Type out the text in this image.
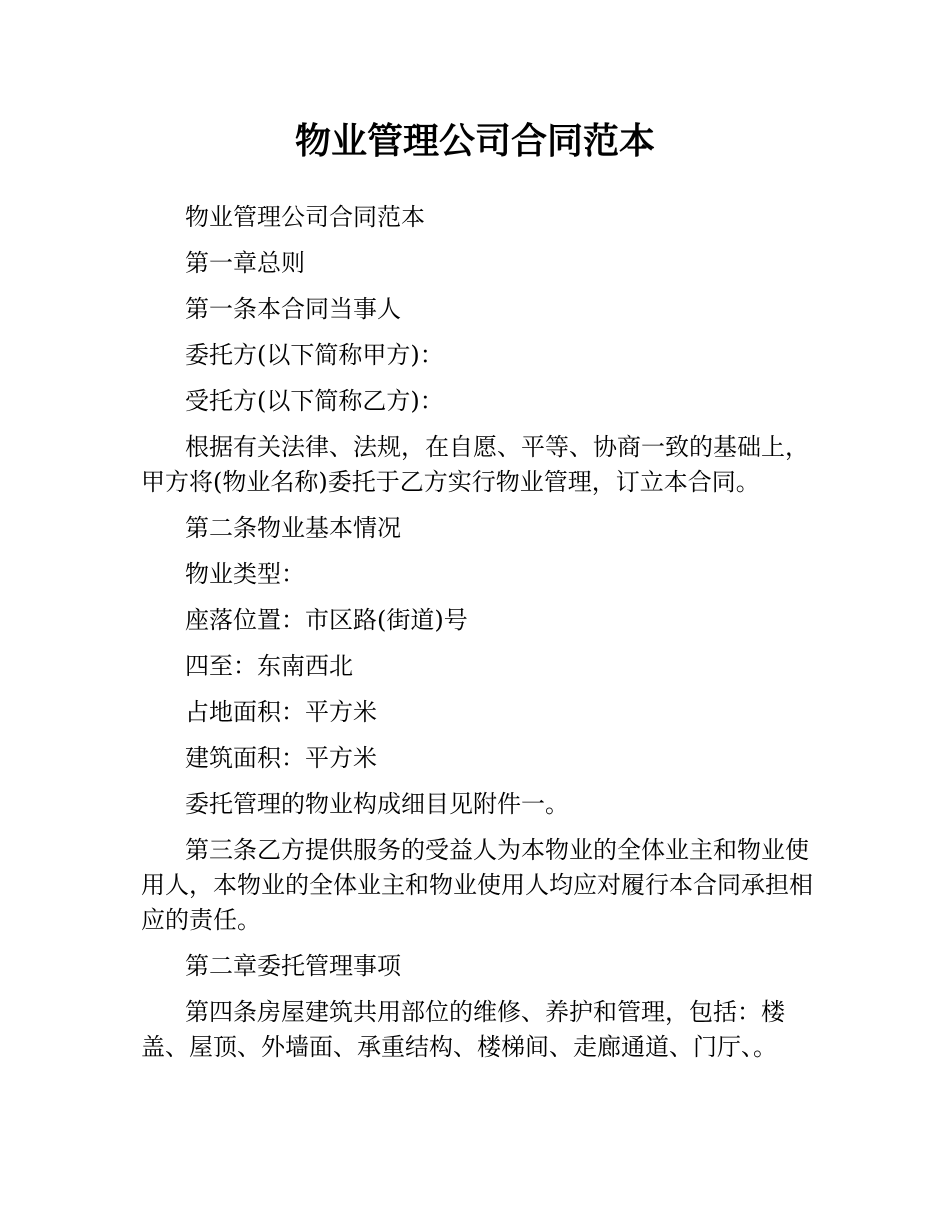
物业管理公司合同范本

物业管理公司合同范本

第一章总则

第一条本合同当事人

委托方(以下简称甲方)：

受托方(以下简称乙方)：

根据有关法律、法规，在自愿、平等、协商一致的基础上，甲方将(物业名称)委托于乙方实行物业管理，订立本合同。

第二条物业基本情况

物业类型：

座落位置：市区路(街道)号

四至：东南西北

占地面积：平方米

建筑面积：平方米

委托管理的物业构成细目见附件一。

第三条乙方提供服务的受益人为本物业的全体业主和物业使用人，本物业的全体业主和物业使用人均应对履行本合同承担相应的责任。

第二章委托管理事项

第四条房屋建筑共用部位的维修、养护和管理，包括：楼盖、屋顶、外墙面、承重结构、楼梯间、走廊通道、门厅、。
